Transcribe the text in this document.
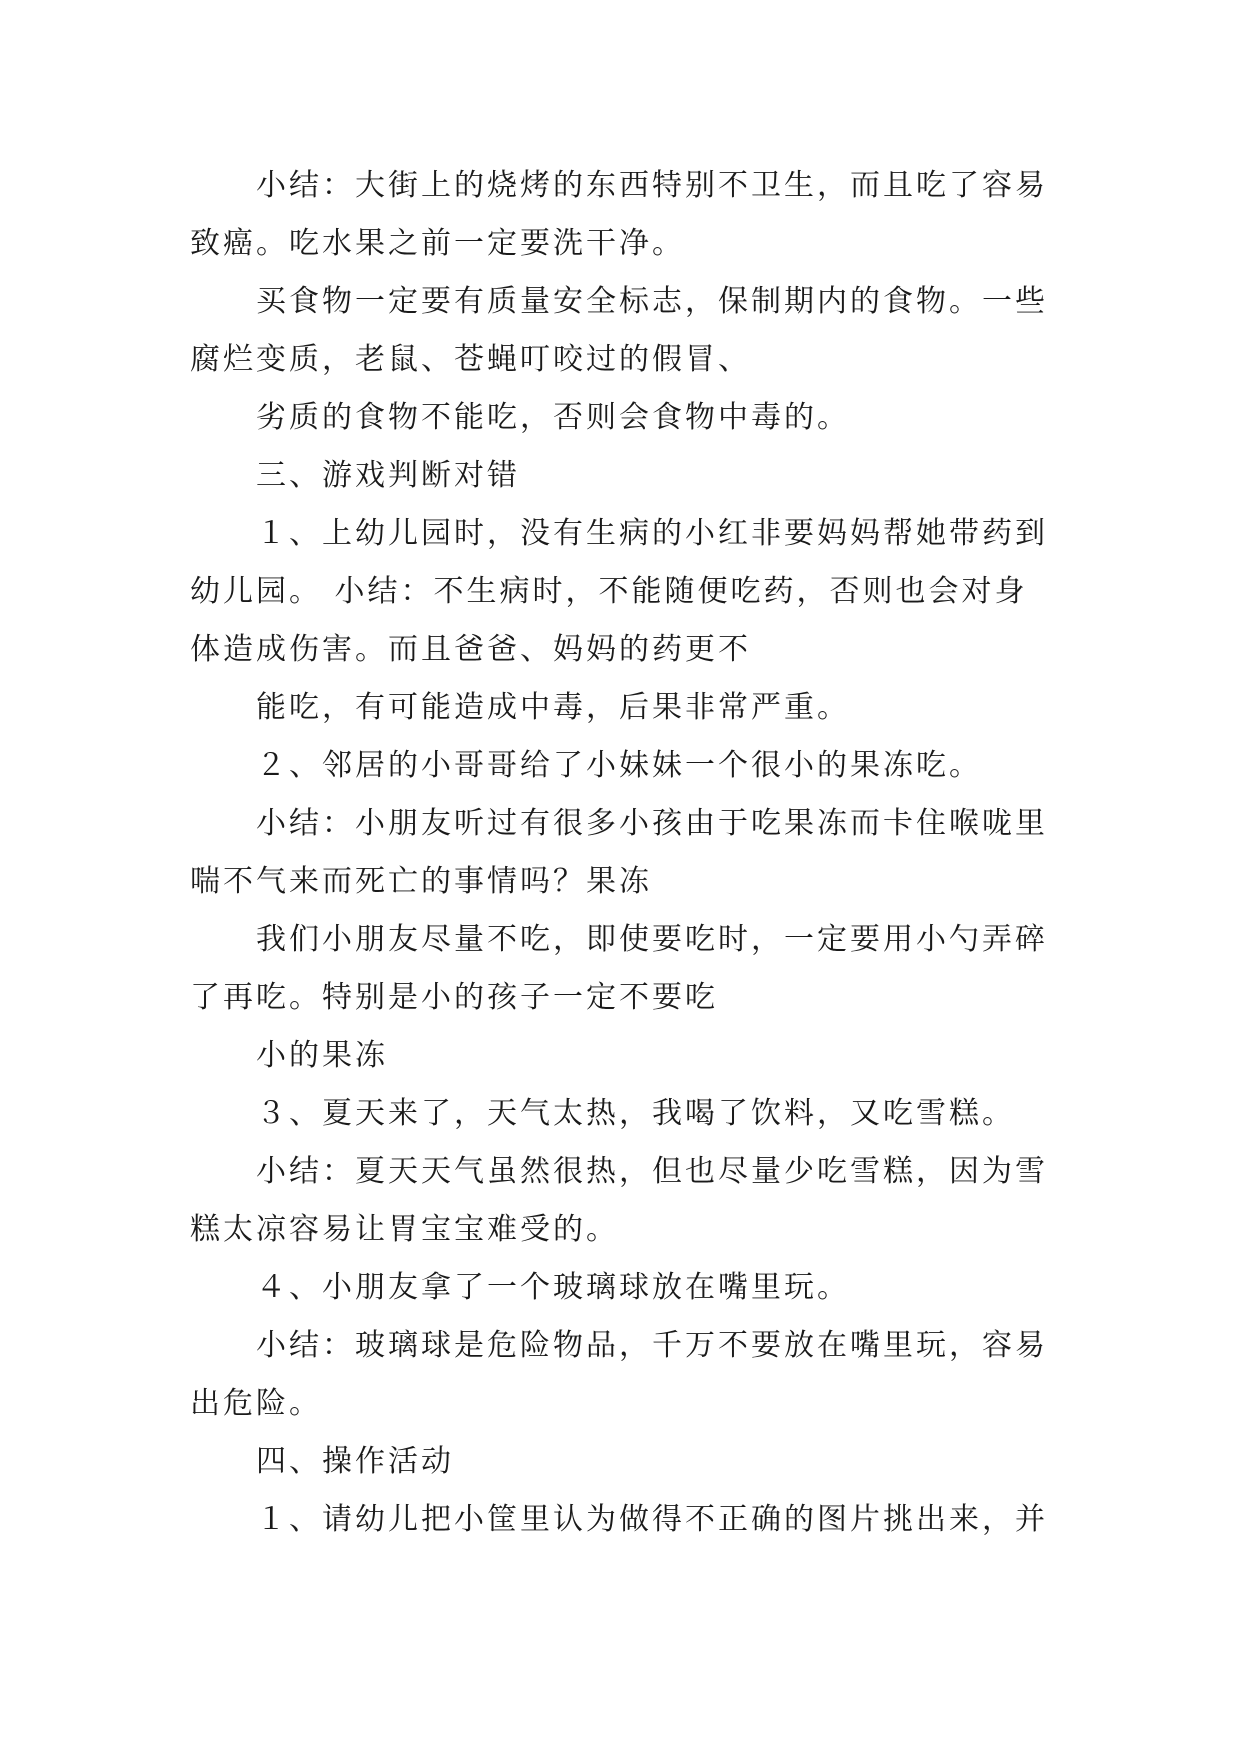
小结：大街上的烧烤的东西特别不卫生，而且吃了容易
致癌。吃水果之前一定要洗干净。
买食物一定要有质量安全标志，保制期内的食物。一些
腐烂变质，老鼠、苍蝇叮咬过的假冒、
劣质的食物不能吃，否则会食物中毒的。
三、游戏判断对错
１、上幼儿园时，没有生病的小红非要妈妈帮她带药到
幼儿园。 小结：不生病时，不能随便吃药，否则也会对身
体造成伤害。而且爸爸、妈妈的药更不
能吃，有可能造成中毒，后果非常严重。
２、邻居的小哥哥给了小妹妹一个很小的果冻吃。
小结：小朋友听过有很多小孩由于吃果冻而卡住喉咙里
喘不气来而死亡的事情吗？果冻
我们小朋友尽量不吃，即使要吃时，一定要用小勺弄碎
了再吃。特别是小的孩子一定不要吃
小的果冻
３、夏天来了，天气太热，我喝了饮料，又吃雪糕。
小结：夏天天气虽然很热，但也尽量少吃雪糕，因为雪
糕太凉容易让胃宝宝难受的。
４、小朋友拿了一个玻璃球放在嘴里玩。
小结：玻璃球是危险物品，千万不要放在嘴里玩，容易
出危险。
四、操作活动
１、请幼儿把小筐里认为做得不正确的图片挑出来，并
